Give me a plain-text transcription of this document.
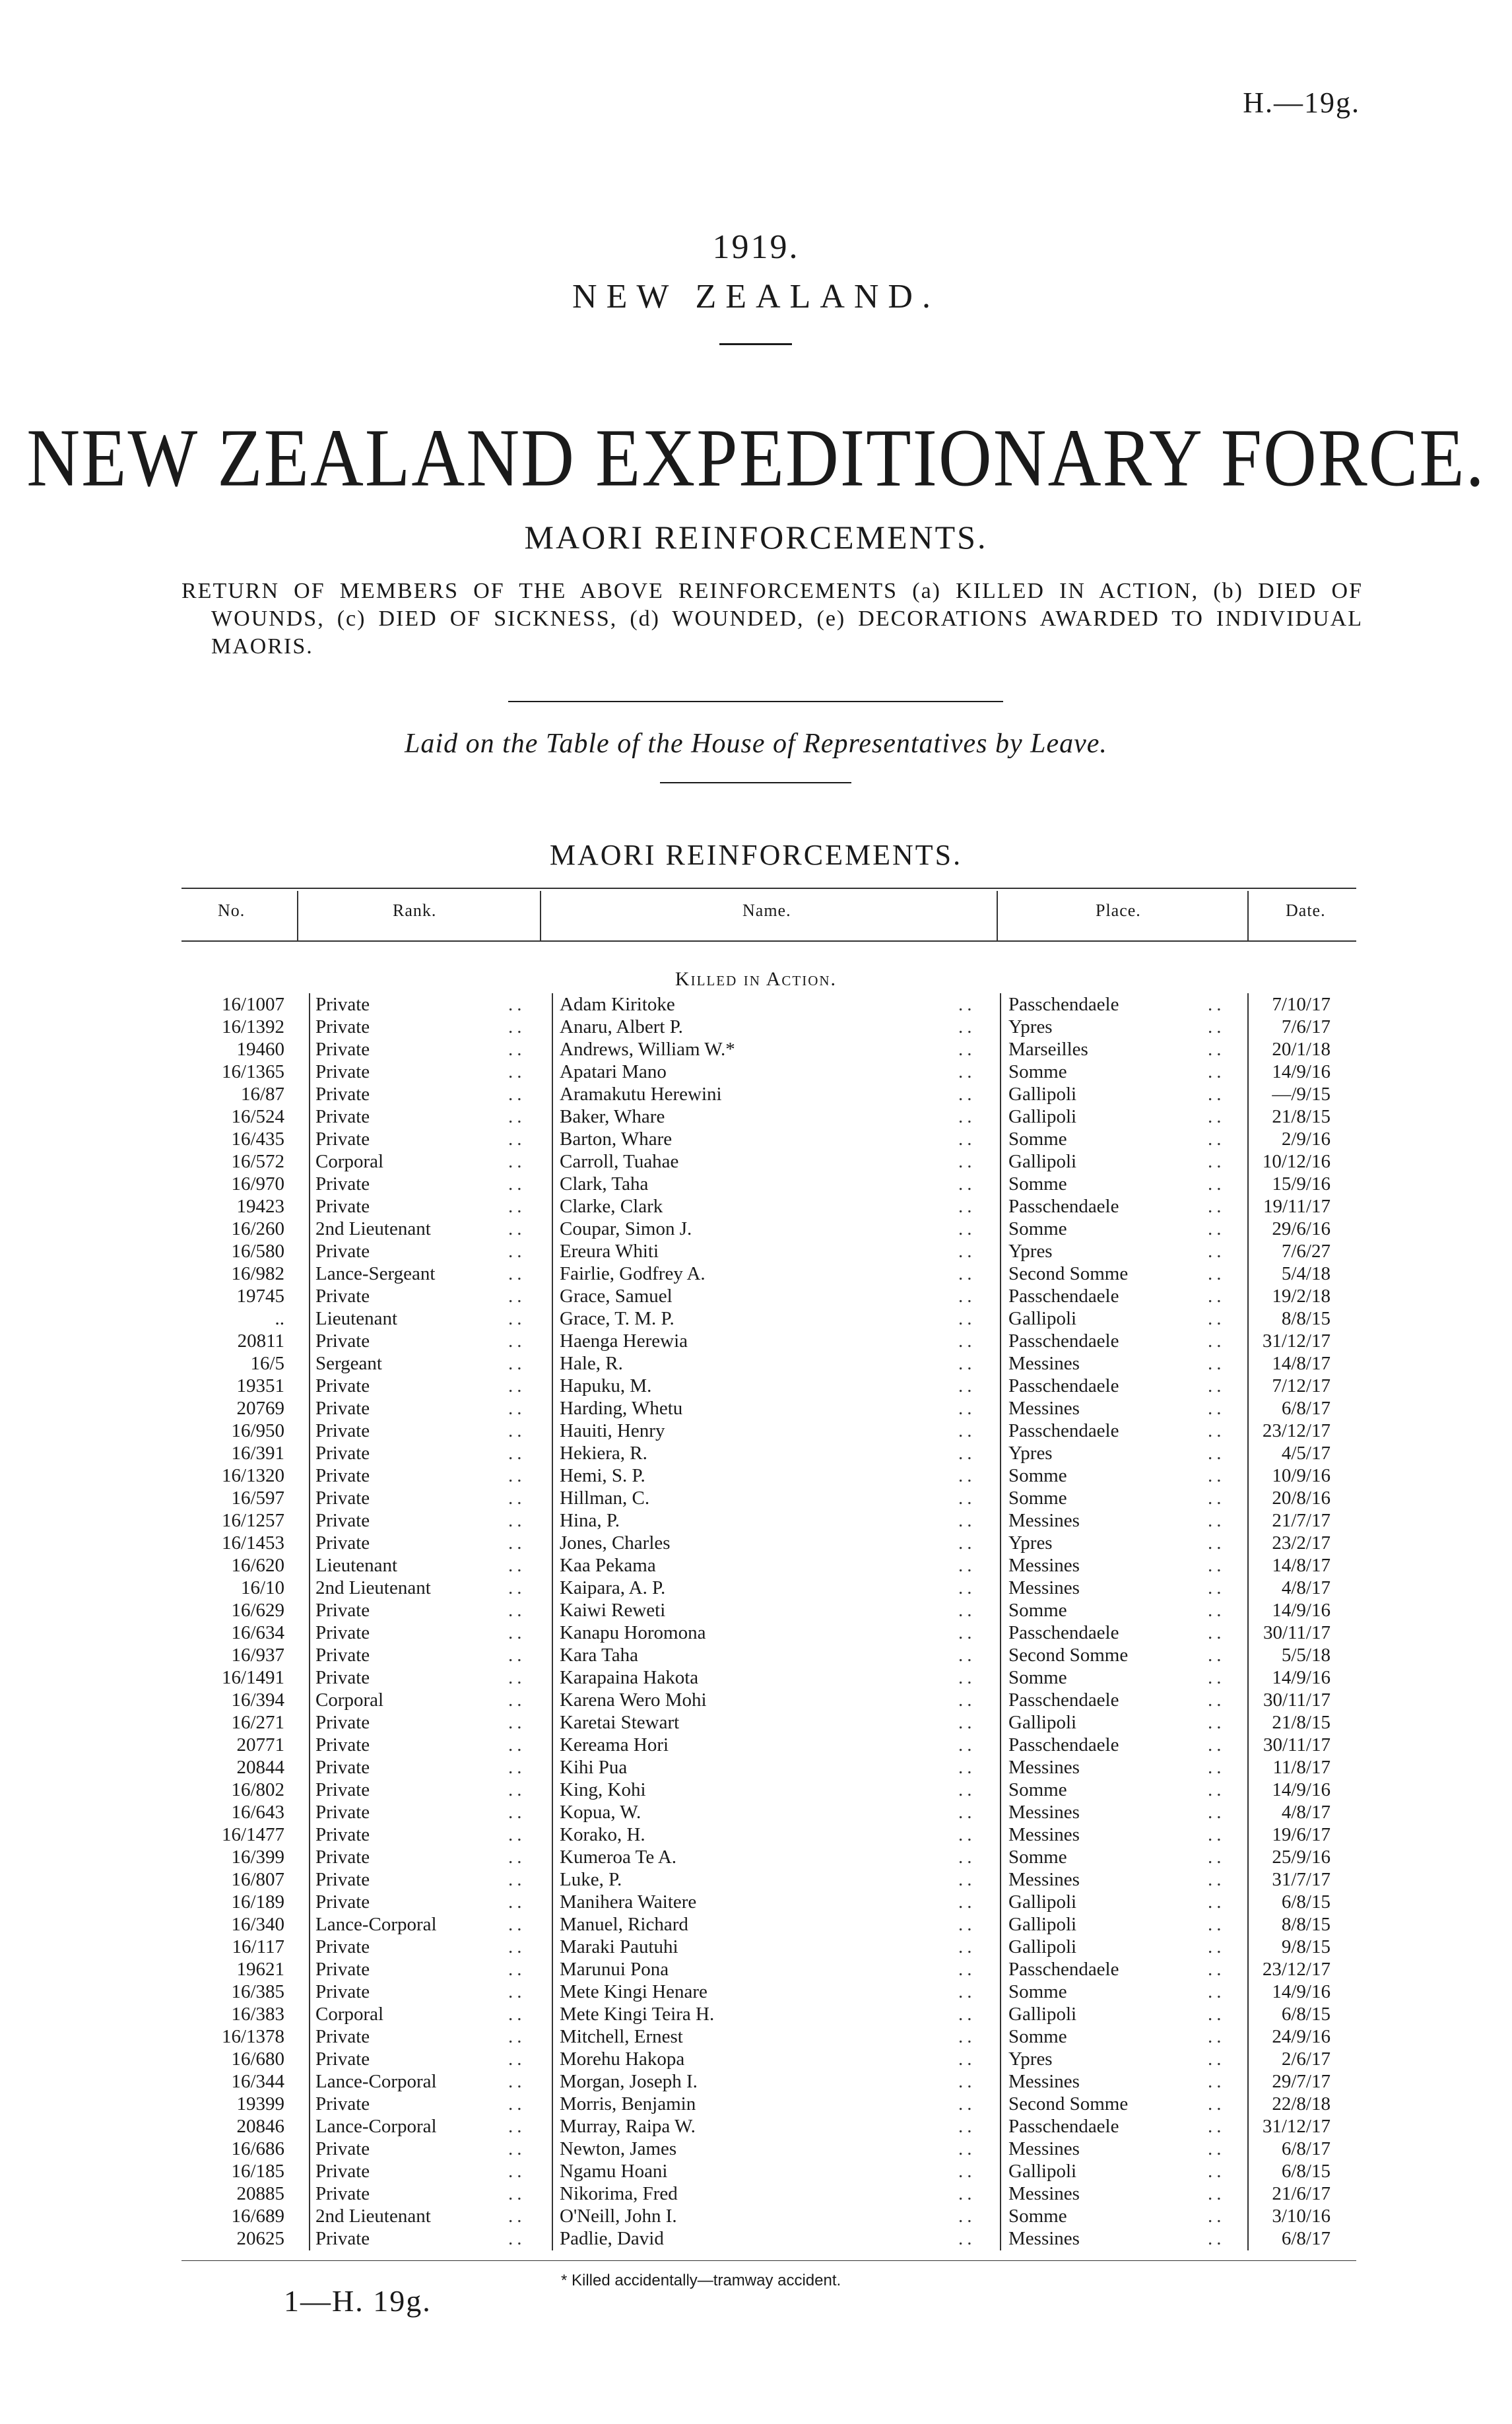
H.—19g.
1919.
NEW ZEALAND.
NEW ZEALAND EXPEDITIONARY FORCE.
MAORI REINFORCEMENTS.
RETURN OF MEMBERS OF THE ABOVE REINFORCEMENTS (a) KILLED IN ACTION, (b) DIED OF WOUNDS, (c) DIED OF SICKNESS, (d) WOUNDED, (e) DECORATIONS AWARDED TO INDIVIDUAL MAORIS.
Laid on the Table of the House of Representatives by Leave.
MAORI REINFORCEMENTS.
No.	Rank.	Name.	Place.	Date.
Killed in Action.
16/1007 Private	Adam Kiritoke	Passchendaele	7/10/17
..	..	..
16/1392 Private	Anaru, Albert P.	Ypres	7/6/17
..	..	..
19460 Private	Andrews, William W.*	Marseilles	20/1/18
..	..	..
16/1365 Private	Apatari Mano	Somme	14/9/16
..	..	..
16/87 Private	Aramakutu Herewini	Gallipoli	—/9/15
..	..	..
16/524 Private	Baker, Whare	Gallipoli	21/8/15
..	..	..
16/435 Private	Barton, Whare	Somme	2/9/16
..	..	..
16/572 Corporal	Carroll, Tuahae	Gallipoli	10/12/16
..	..	..
16/970 Private	Clark, Taha	Somme	15/9/16
..	..	..
19423 Private	Clarke, Clark	Passchendaele	19/11/17
..	..	..
16/260 2nd Lieutenant	Coupar, Simon J.	Somme	29/6/16
..	..	..
16/580 Private	Ereura Whiti	Ypres	7/6/27
..	..	..
16/982 Lance-Sergeant	Fairlie, Godfrey A.	Second Somme	5/4/18
..	..	..
19745 Private	Grace, Samuel	Passchendaele	19/2/18
..	..	..
.. Lieutenant	Grace, T. M. P.	Gallipoli	8/8/15
..	..	..
20811 Private	Haenga Herewia	Passchendaele	31/12/17
..	..	..
16/5 Sergeant	Hale, R.	Messines	14/8/17
..	..	..
19351 Private	Hapuku, M.	Passchendaele	7/12/17
..	..	..
20769 Private	Harding, Whetu	Messines	6/8/17
..	..	..
16/950 Private	Hauiti, Henry	Passchendaele	23/12/17
..	..	..
16/391 Private	Hekiera, R.	Ypres	4/5/17
..	..	..
16/1320 Private	Hemi, S. P.	Somme	10/9/16
..	..	..
16/597 Private	Hillman, C.	Somme	20/8/16
..	..	..
16/1257 Private	Hina, P.	Messines	21/7/17
..	..	..
16/1453 Private	Jones, Charles	Ypres	23/2/17
..	..	..
16/620 Lieutenant	Kaa Pekama	Messines	14/8/17
..	..	..
16/10 2nd Lieutenant	Kaipara, A. P.	Messines	4/8/17
..	..	..
16/629 Private	Kaiwi Reweti	Somme	14/9/16
..	..	..
16/634 Private	Kanapu Horomona	Passchendaele	30/11/17
..	..	..
16/937 Private	Kara Taha	Second Somme	5/5/18
..	..	..
16/1491 Private	Karapaina Hakota	Somme	14/9/16
..	..	..
16/394 Corporal	Karena Wero Mohi	Passchendaele	30/11/17
..	..	..
16/271 Private	Karetai Stewart	Gallipoli	21/8/15
..	..	..
20771 Private	Kereama Hori	Passchendaele	30/11/17
..	..	..
20844 Private	Kihi Pua	Messines	11/8/17
..	..	..
16/802 Private	King, Kohi	Somme	14/9/16
..	..	..
16/643 Private	Kopua, W.	Messines	4/8/17
..	..	..
16/1477 Private	Korako, H.	Messines	19/6/17
..	..	..
16/399 Private	Kumeroa Te A.	Somme	25/9/16
..	..	..
16/807 Private	Luke, P.	Messines	31/7/17
..	..	..
16/189 Private	Manihera Waitere	Gallipoli	6/8/15
..	..	..
16/340 Lance-Corporal	Manuel, Richard	Gallipoli	8/8/15
..	..	..
16/117 Private	Maraki Pautuhi	Gallipoli	9/8/15
..	..	..
19621 Private	Marunui Pona	Passchendaele	23/12/17
..	..	..
16/385 Private	Mete Kingi Henare	Somme	14/9/16
..	..	..
16/383 Corporal	Mete Kingi Teira H.	Gallipoli	6/8/15
..	..	..
16/1378 Private	Mitchell, Ernest	Somme	24/9/16
..	..	..
16/680 Private	Morehu Hakopa	Ypres	2/6/17
..	..	..
16/344 Lance-Corporal	Morgan, Joseph I.	Messines	29/7/17
..	..	..
19399 Private	Morris, Benjamin	Second Somme	22/8/18
..	..	..
20846 Lance-Corporal	Murray, Raipa W.	Passchendaele	31/12/17
..	..	..
16/686 Private	Newton, James	Messines	6/8/17
..	..	..
16/185 Private	Ngamu Hoani	Gallipoli	6/8/15
..	..	..
20885 Private	Nikorima, Fred	Messines	21/6/17
..	..	..
16/689 2nd Lieutenant	O'Neill, John I.	Somme	3/10/16
..	..	..
20625 Private	Padlie, David	Messines	6/8/17
..	..	..
* Killed accidentally—tramway accident.
1—H. 19g.
